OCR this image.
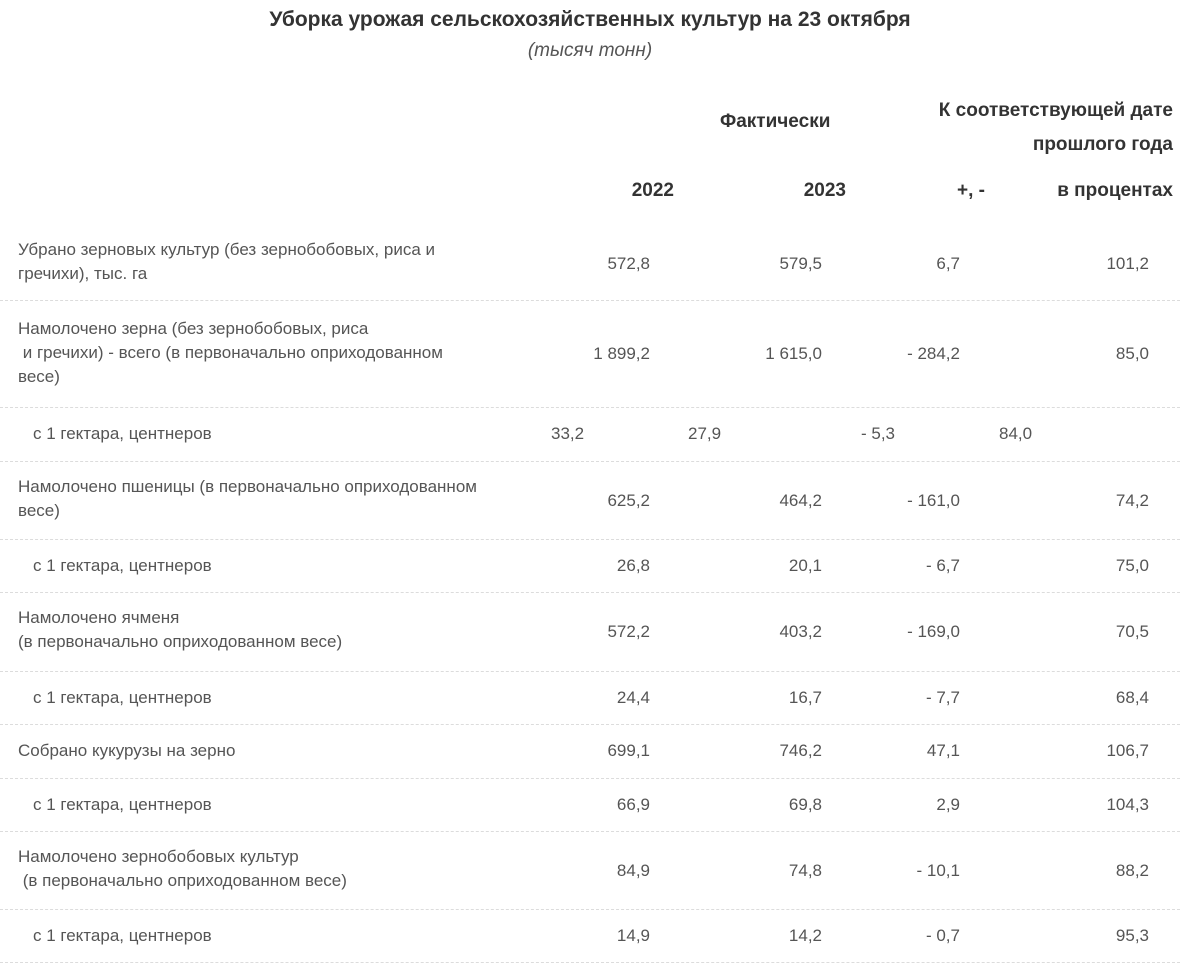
Уборка урожая сельскохозяйственных культур на 23 октября
(тысяч тонн)
Фактически
К соответствующей дате прошлого года
2022	2023	+, -	в процентах
Убрано зерновых культур (без зернобобовых, риса и
гречихи), тыс. га
572,8	579,5	6,7	101,2
Намолочено зерна (без зернобобовых, риса
и гречихи) - всего (в первоначально оприходованном
весе)
1 899,2	1 615,0	- 284,2	85,0
с 1 гектара, центнеров	33,2	27,9	- 5,3	84,0
Намолочено пшеницы (в первоначально оприходованном
весе)
625,2	464,2	- 161,0	74,2
с 1 гектара, центнеров	26,8	20,1	- 6,7	75,0
Намолочено ячменя
(в первоначально оприходованном весе)
572,2	403,2	- 169,0	70,5
с 1 гектара, центнеров	24,4	16,7	- 7,7	68,4
Собрано кукурузы на зерно	699,1	746,2	47,1	106,7
с 1 гектара, центнеров	66,9	69,8	2,9	104,3
Намолочено зернобобовых культур
(в первоначально оприходованном весе)
84,9	74,8	- 10,1	88,2
с 1 гектара, центнеров	14,9	14,2	- 0,7	95,3
